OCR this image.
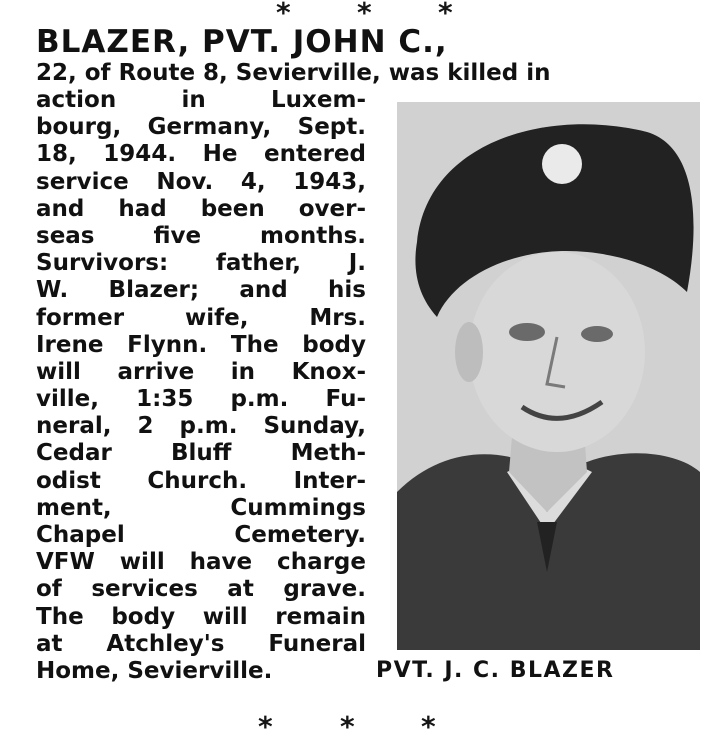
* * *
BLAZER, PVT. JOHN C.,
22, of Route 8, Sevierville, was killed in
action in Luxem-
bourg, Germany, Sept.
18, 1944. He entered
service Nov. 4, 1943,
and had been over-
seas five months.
Survivors: father, J.
W. Blazer; and his
former wife, Mrs.
Irene Flynn. The body
will arrive in Knox-
ville, 1:35 p.m. Fu-
neral, 2 p.m. Sunday,
Cedar Bluff Meth-
odist Church. Inter-
ment, Cummings
Chapel Cemetery.
VFW will have charge
of services at grave.
The body will remain
at Atchley's Funeral
Home, Sevierville.	PVT. J. C. BLAZER
* * *
